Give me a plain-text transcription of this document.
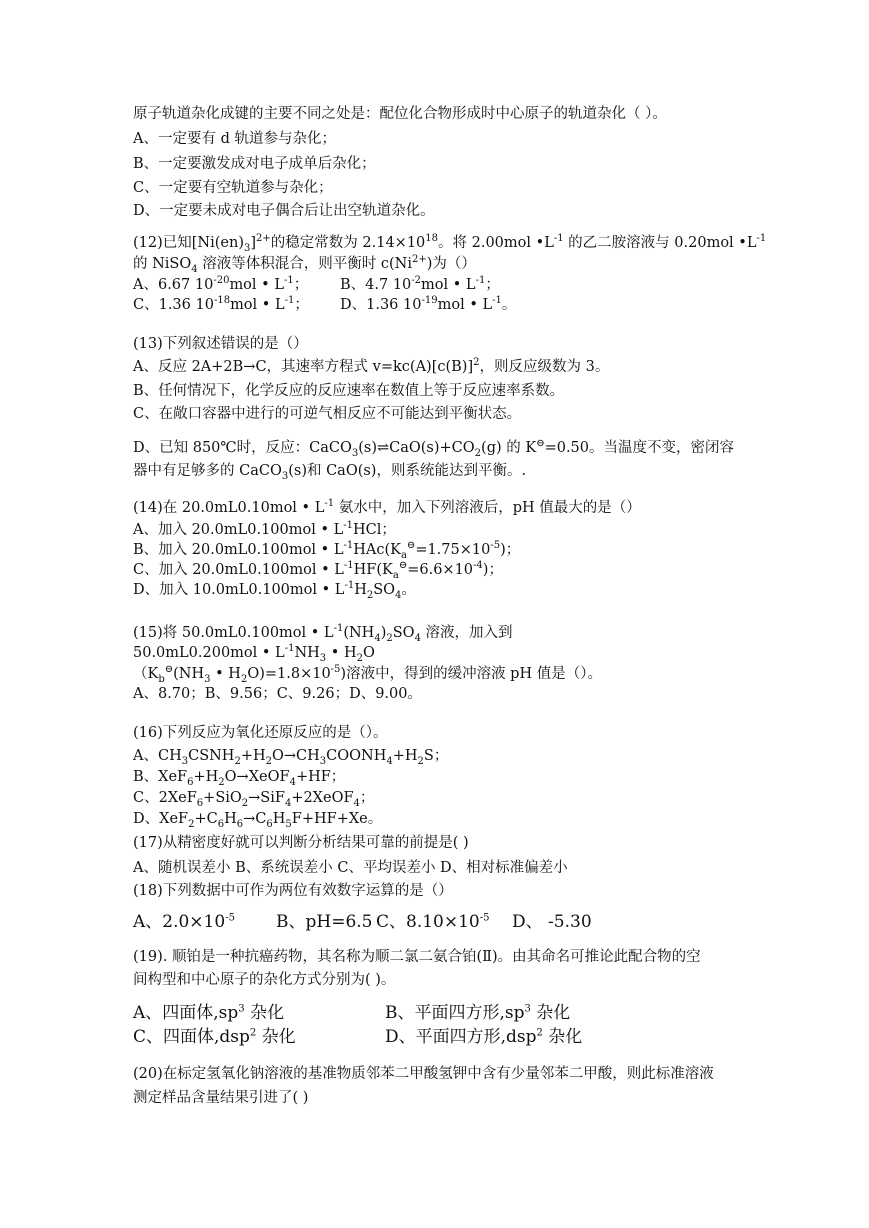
原子轨道杂化成键的主要不同之处是：配位化合物形成时中心原子的轨道杂化（ ）。
A、一定要有 d 轨道参与杂化；
B、一定要激发成对电子成单后杂化；
C、一定要有空轨道参与杂化；
D、一定要未成对电子偶合后让出空轨道杂化。
(12)已知$[Ni(en)_3]^{2+}$的稳定常数为 $2.14\times 10^{18}$。将 2.00mol $•L^{-1}$ 的乙二胺溶液与 0.20mol $•L^{-1}$
的 NiSO$_4$ 溶液等体积混合，则平衡时 $c(Ni^{2+})$为（）
A、6.67 $10^{-20}mol$ • $L^{-1}$； B、4.7 $10^{-2}mol$ • $L^{-1}$；
C、1.36 $10^{-18}mol$ • $L^{-1}$； D、1.36 $10^{-19}mol$ • $L^{-1}$。
(13)下列叙述错误的是（）
A、反应 2A+2B→C，其速率方程式 $v=kc(A)[c(B)]^2$，则反应级数为 3。
B、任何情况下，化学反应的反应速率在数值上等于反应速率系数。
C、在敞口容器中进行的可逆气相反应不可能达到平衡状态。
D、已知 850℃时，反应：$CaCO_3(s)\rightleftharpoons CaO(s)+CO_2(g)$ 的 K⊖=0.50。当温度不变，密闭容
器中有足够多的 CaCO$_3$(s)和 CaO(s)，则系统能达到平衡。.
(14)在 20.0mL0.10mol • $L^{-1}$ 氨水中，加入下列溶液后，pH 值最大的是（）
A、加入 20.0mL0.100mol • $L^{-1}HCl$；
B、加入 20.0mL0.100mol • $L^{-1}HAc(K_a^⊖=1.75\times 10^{-5})$；
C、加入 20.0mL0.100mol • $L^{-1}HF(K_a^⊖=6.6\times 10^{-4})$；
D、加入 10.0mL0.100mol • $L^{-1}H_2SO_4$。
(15)将 50.0mL0.100mol • $L^{-1}(NH_4)_2SO_4$ 溶液，加入到
50.0mL0.200mol • $L^{-1}NH_3$ • $H_2O$
（$K_b^⊖(NH_3$ • $H_2O)=1.8\times 10^{-5}$)溶液中，得到的缓冲溶液 pH 值是（）。
A、8.70；B、9.56；C、9.26；D、9.00。
(16)下列反应为氧化还原反应的是（）。
A、$CH_3CSNH_2+H_2O\to CH_3COONH_4+H_2S$；
B、$XeF_6+H_2O\to XeOF_4+HF$；
C、2XeF$_6$+SiO$_2$→SiF$_4$+2XeOF$_4$；
D、$XeF_2+C_6H_6\to C_6H_5F+HF+Xe$。
(17)从精密度好就可以判断分析结果可靠的前提是( )
A、随机误差小 B、系统误差小 C、平均误差小 D、相对标准偏差小
(18)下列数据中可作为两位有效数字运算的是（）
A、$2.0\times 10^{-5}$ B、pH=6.5 C、$8.10\times 10^{-5}$ D、 -5.30
(19). 顺铂是一种抗癌药物，其名称为顺二氯二氨合铂(Ⅱ)。由其命名可推论此配合物的空
间构型和中心原子的杂化方式分别为( )。
A、四面体$,sp^3$ 杂化	B、平面四方形$,sp^3$ 杂化
C、四面体,dsp$^2$ 杂化	D、平面四方形,dsp$^2$ 杂化
(20)在标定氢氧化钠溶液的基准物质邻苯二甲酸氢钾中含有少量邻苯二甲酸，则此标准溶液
测定样品含量结果引进了( )
